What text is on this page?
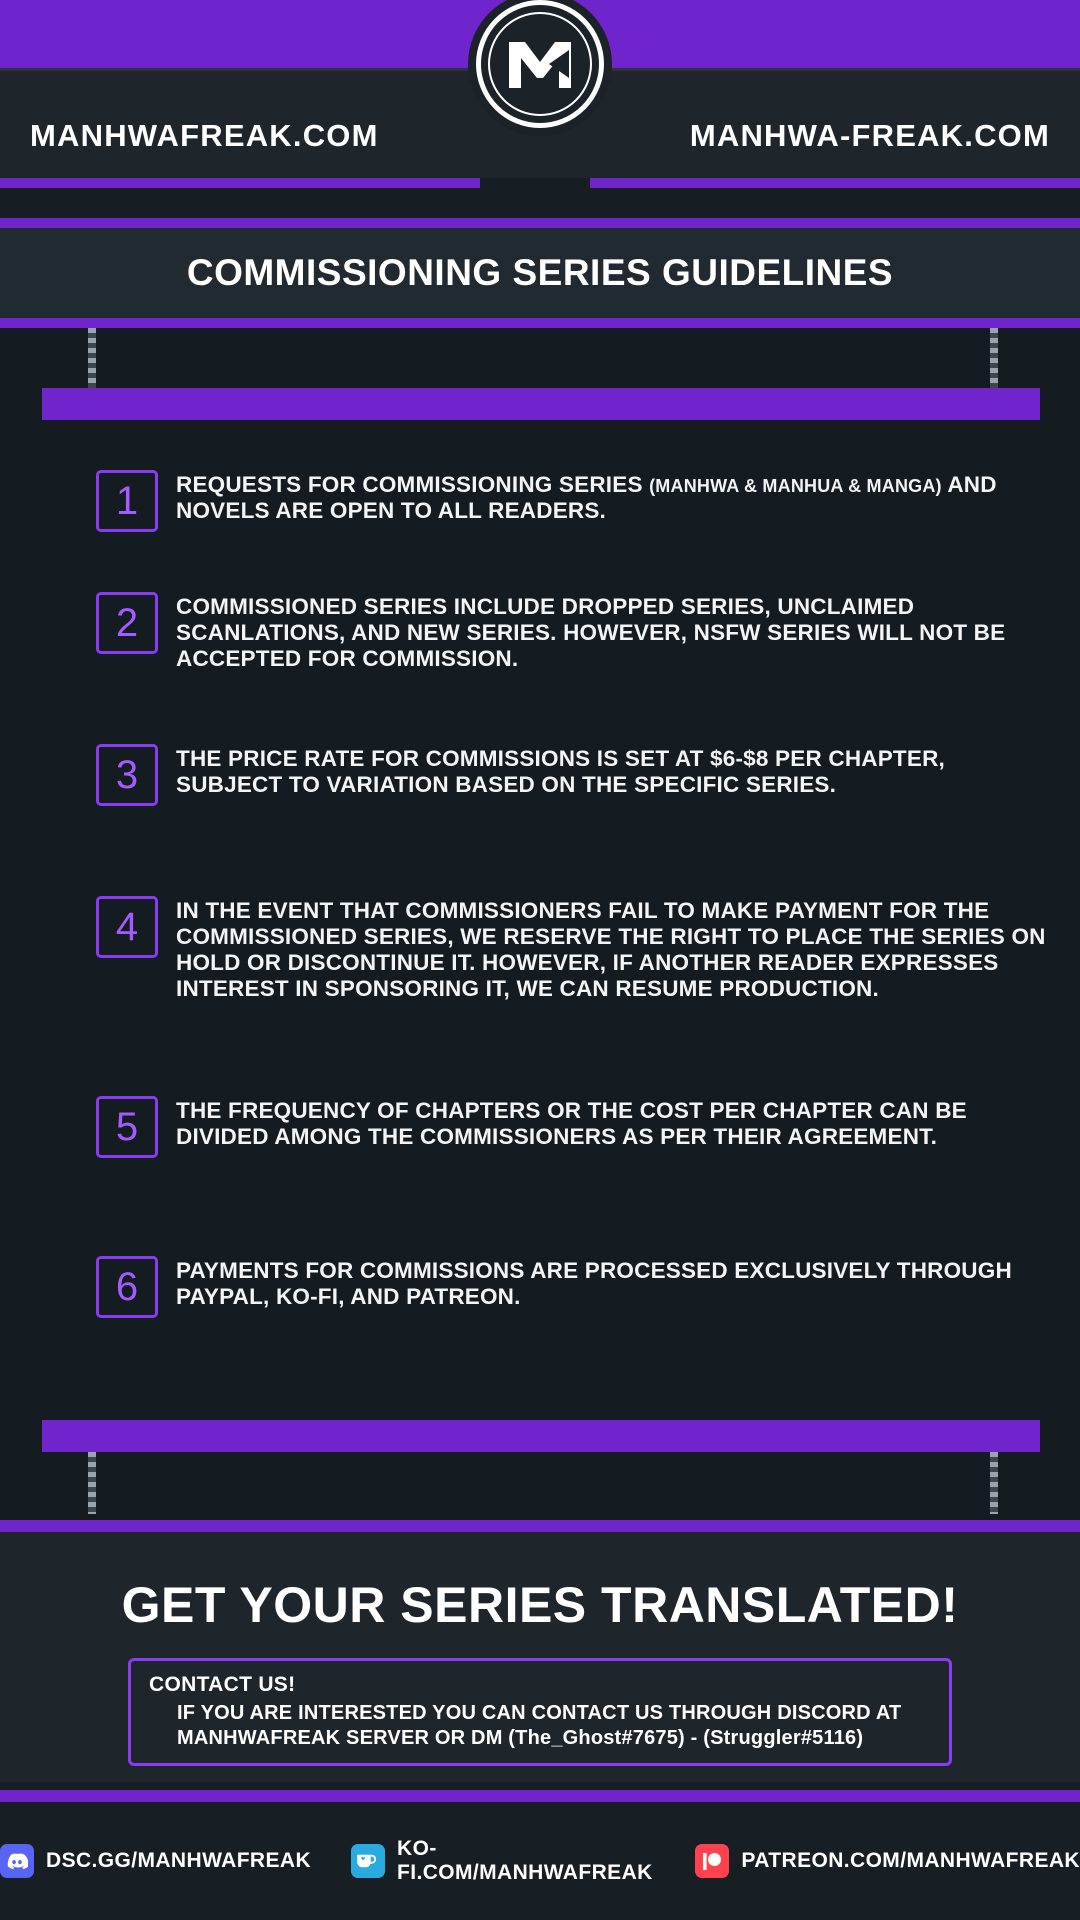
MANHWAFREAK.COM	MANHWA-FREAK.COM
COMMISSIONING SERIES GUIDELINES
1 REQUESTS FOR COMMISSIONING SERIES (MANHWA & MANHUA & MANGA) AND NOVELS ARE OPEN TO ALL READERS.
2 COMMISSIONED SERIES INCLUDE DROPPED SERIES, UNCLAIMED SCANLATIONS, AND NEW SERIES. HOWEVER, NSFW SERIES WILL NOT BE ACCEPTED FOR COMMISSION.
3 THE PRICE RATE FOR COMMISSIONS IS SET AT $6-$8 PER CHAPTER, SUBJECT TO VARIATION BASED ON THE SPECIFIC SERIES.
4 IN THE EVENT THAT COMMISSIONERS FAIL TO MAKE PAYMENT FOR THE COMMISSIONED SERIES, WE RESERVE THE RIGHT TO PLACE THE SERIES ON HOLD OR DISCONTINUE IT. HOWEVER, IF ANOTHER READER EXPRESSES INTEREST IN SPONSORING IT, WE CAN RESUME PRODUCTION.
5 THE FREQUENCY OF CHAPTERS OR THE COST PER CHAPTER CAN BE DIVIDED AMONG THE COMMISSIONERS AS PER THEIR AGREEMENT.
6 PAYMENTS FOR COMMISSIONS ARE PROCESSED EXCLUSIVELY THROUGH PAYPAL, KO-FI, AND PATREON.
GET YOUR SERIES TRANSLATED!
CONTACT US!
IF YOU ARE INTERESTED YOU CAN CONTACT US THROUGH DISCORD AT MANHWAFREAK SERVER OR DM (The_Ghost#7675) - (Struggler#5116)
DSC.GG/MANHWAFREAK
KO-FI.COM/MANHWAFREAK
PATREON.COM/MANHWAFREAK
